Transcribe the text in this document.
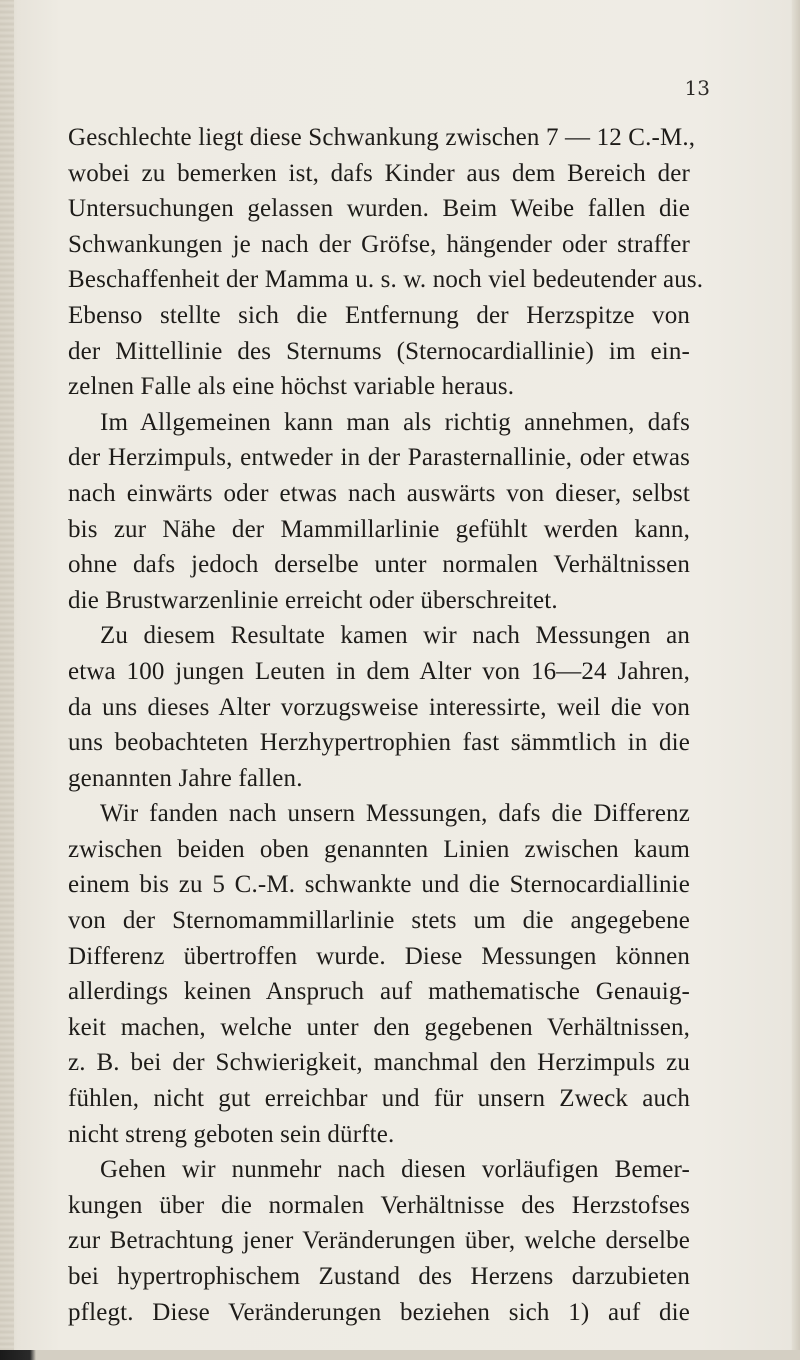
13
Geschlechte liegt diese Schwankung zwischen 7 — 12 C.-M.,
wobei zu bemerken ist, dafs Kinder aus dem Bereich der
Untersuchungen gelassen wurden. Beim Weibe fallen die
Schwankungen je nach der Gröfse, hängender oder straffer
Beschaffenheit der Mamma u. s. w. noch viel bedeutender aus.
Ebenso stellte sich die Entfernung der Herzspitze von
der Mittellinie des Sternums (Sternocardiallinie) im ein-
zelnen Falle als eine höchst variable heraus.
Im Allgemeinen kann man als richtig annehmen, dafs
der Herzimpuls, entweder in der Parasternallinie, oder etwas
nach einwärts oder etwas nach auswärts von dieser, selbst
bis zur Nähe der Mammillarlinie gefühlt werden kann,
ohne dafs jedoch derselbe unter normalen Verhältnissen
die Brustwarzenlinie erreicht oder überschreitet.
Zu diesem Resultate kamen wir nach Messungen an
etwa 100 jungen Leuten in dem Alter von 16—24 Jahren,
da uns dieses Alter vorzugsweise interessirte, weil die von
uns beobachteten Herzhypertrophien fast sämmtlich in die
genannten Jahre fallen.
Wir fanden nach unsern Messungen, dafs die Differenz
zwischen beiden oben genannten Linien zwischen kaum
einem bis zu 5 C.-M. schwankte und die Sternocardiallinie
von der Sternomammillarlinie stets um die angegebene
Differenz übertroffen wurde. Diese Messungen können
allerdings keinen Anspruch auf mathematische Genauig-
keit machen, welche unter den gegebenen Verhältnissen,
z. B. bei der Schwierigkeit, manchmal den Herzimpuls zu
fühlen, nicht gut erreichbar und für unsern Zweck auch
nicht streng geboten sein dürfte.
Gehen wir nunmehr nach diesen vorläufigen Bemer-
kungen über die normalen Verhältnisse des Herzstofses
zur Betrachtung jener Veränderungen über, welche derselbe
bei hypertrophischem Zustand des Herzens darzubieten
pflegt. Diese Veränderungen beziehen sich 1) auf die
